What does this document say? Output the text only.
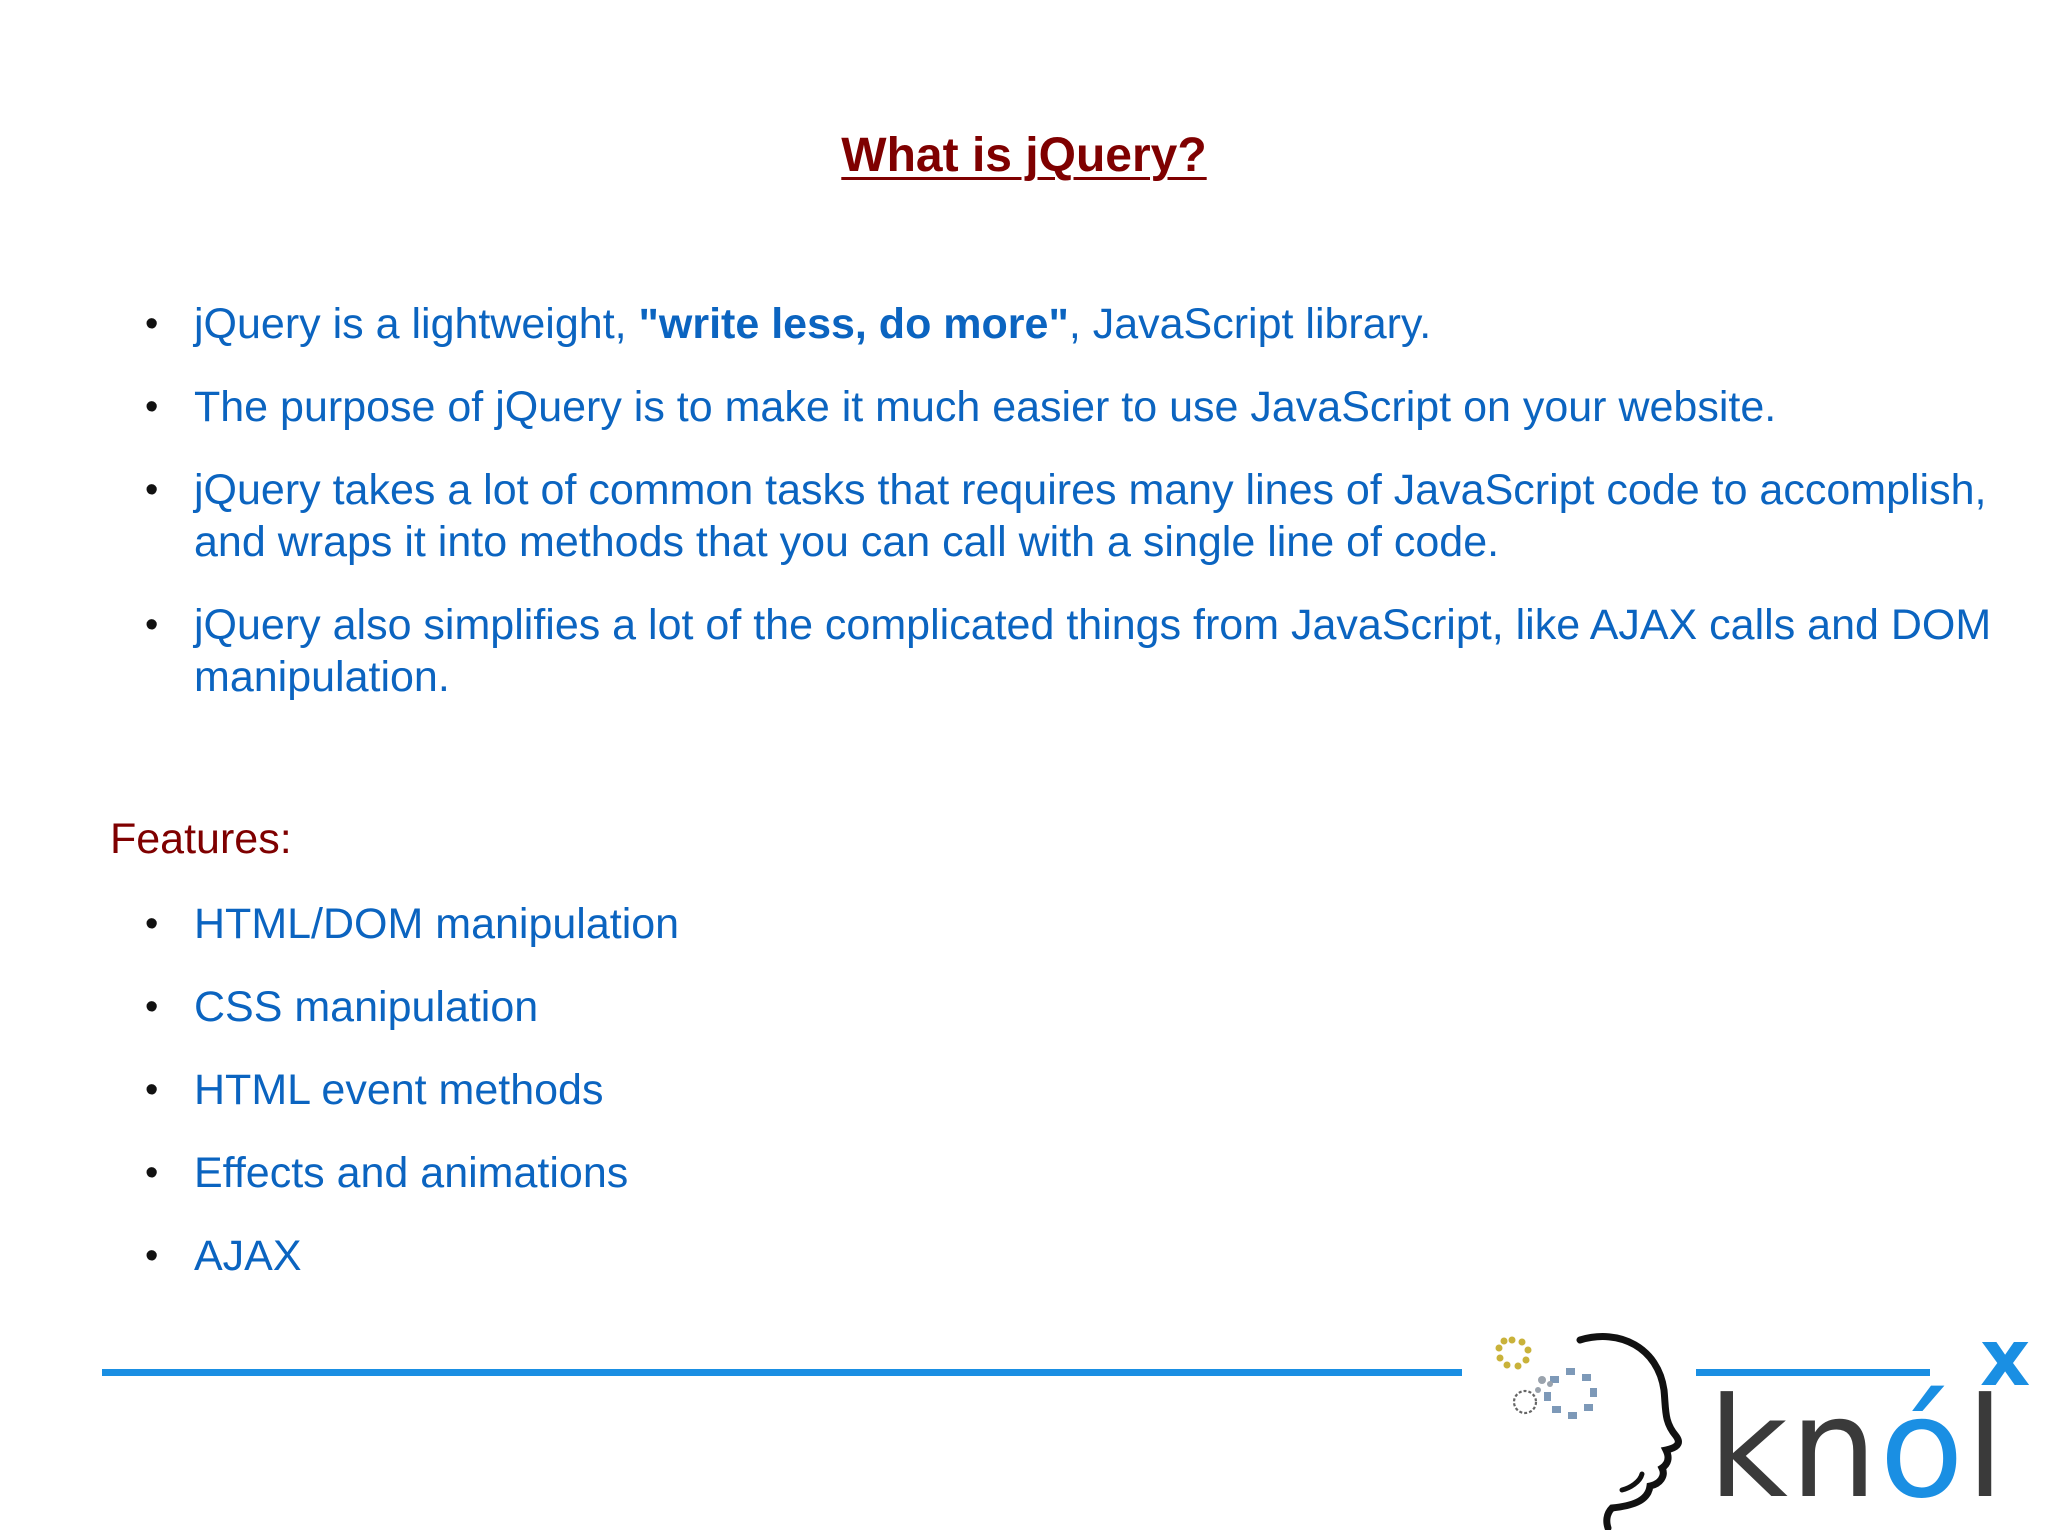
What is jQuery?
• jQuery is a lightweight, "write less, do more", JavaScript library.
• The purpose of jQuery is to make it much easier to use JavaScript on your website.
• jQuery takes a lot of common tasks that requires many lines of JavaScript code to accomplish, and wraps it into methods that you can call with a single line of code.
• jQuery also simplifies a lot of the complicated things from JavaScript, like AJAX calls and DOM manipulation.

Features:

• HTML/DOM manipulation
• CSS manipulation
• HTML event methods
• Effects and animations
• AJAX
knól
x
